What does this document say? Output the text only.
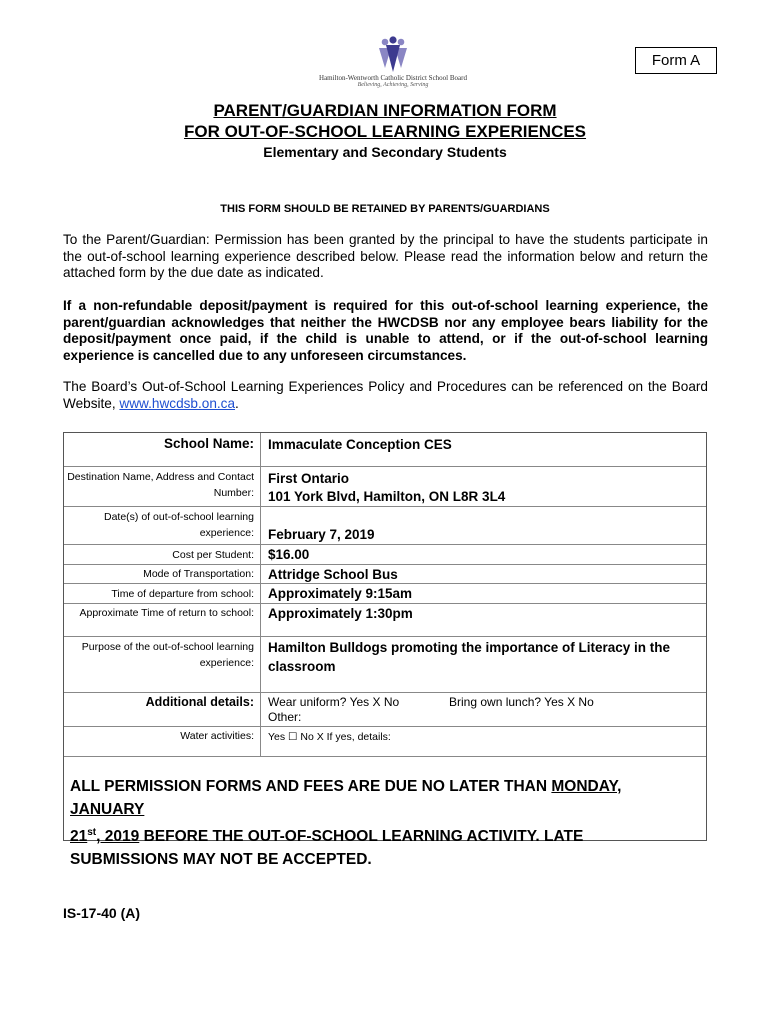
Hamilton-Wentworth Catholic District School Board
Believing, Achieving, Serving
Form A
PARENT/GUARDIAN INFORMATION FORM
FOR OUT-OF-SCHOOL LEARNING EXPERIENCES
Elementary and Secondary Students
THIS FORM SHOULD BE RETAINED BY PARENTS/GUARDIANS
To the Parent/Guardian: Permission has been granted by the principal to have the students participate in the out-of-school learning experience described below. Please read the information below and return the attached form by the due date as indicated.
If a non-refundable deposit/payment is required for this out-of-school learning experience, the parent/guardian acknowledges that neither the HWCDSB nor any employee bears liability for the deposit/payment once paid, if the child is unable to attend, or if the out-of-school learning experience is cancelled due to any unforeseen circumstances.
The Board’s Out-of-School Learning Experiences Policy and Procedures can be referenced on the Board Website, www.hwcdsb.on.ca.
School Name:	Immaculate Conception CES
Destination Name, Address and Contact Number:
First Ontario
101 York Blvd, Hamilton, ON L8R 3L4
Date(s) of out-of-school learning experience:	February 7, 2019
Cost per Student:	$16.00
Mode of Transportation:	Attridge School Bus
Time of departure from school:	Approximately 9:15am
Approximate Time of return to school:	Approximately 1:30pm
Purpose of the out-of-school learning experience:
Hamilton Bulldogs promoting the importance of Literacy in the classroom
Additional details:	Wear uniform? Yes X No	Bring own lunch? Yes X No
Other:
Water activities:	Yes ☐ No X If yes, details:
ALL PERMISSION FORMS AND FEES ARE DUE NO LATER THAN MONDAY, JANUARY
21st, 2019 BEFORE THE OUT-OF-SCHOOL LEARNING ACTIVITY. LATE SUBMISSIONS MAY NOT BE ACCEPTED.
IS-17-40 (A)
